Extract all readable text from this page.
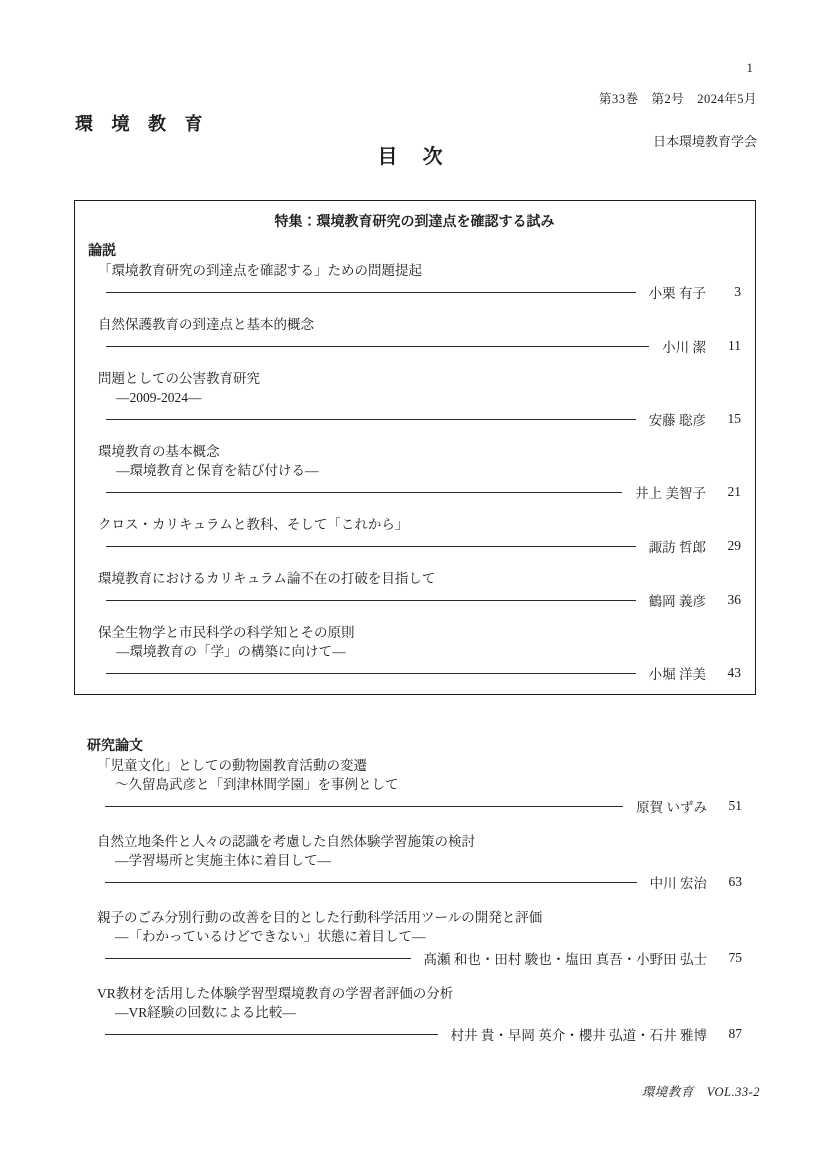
1
第33巻　第2号　2024年5月
環 境 教 育
日本環境教育学会
目 次
特集：環境教育研究の到達点を確認する試み
論説
「環境教育研究の到達点を確認する」ための問題提起
小栗 有子	3
自然保護教育の到達点と基本的概念
小川 潔	11
問題としての公害教育研究
—2009-2024—
安藤 聡彦	15
環境教育の基本概念
—環境教育と保育を結び付ける—
井上 美智子	21
クロス・カリキュラムと教科、そして「これから」
諏訪 哲郎	29
環境教育におけるカリキュラム論不在の打破を目指して
鶴岡 義彦	36
保全生物学と市民科学の科学知とその原則
—環境教育の「学」の構築に向けて—
小堀 洋美	43
研究論文
「児童文化」としての動物園教育活動の変遷
～久留島武彦と「到津林間学園」を事例として
原賀 いずみ	51
自然立地条件と人々の認識を考慮した自然体験学習施策の検討
—学習場所と実施主体に着目して—
中川 宏治	63
親子のごみ分別行動の改善を目的とした行動科学活用ツールの開発と評価
—「わかっているけどできない」状態に着目して—
髙瀬 和也・田村 駿也・塩田 真吾・小野田 弘士	75
VR教材を活用した体験学習型環境教育の学習者評価の分析
—VR経験の回数による比較—
村井 貴・早岡 英介・櫻井 弘道・石井 雅博	87
環境教育　VOL.33-2
